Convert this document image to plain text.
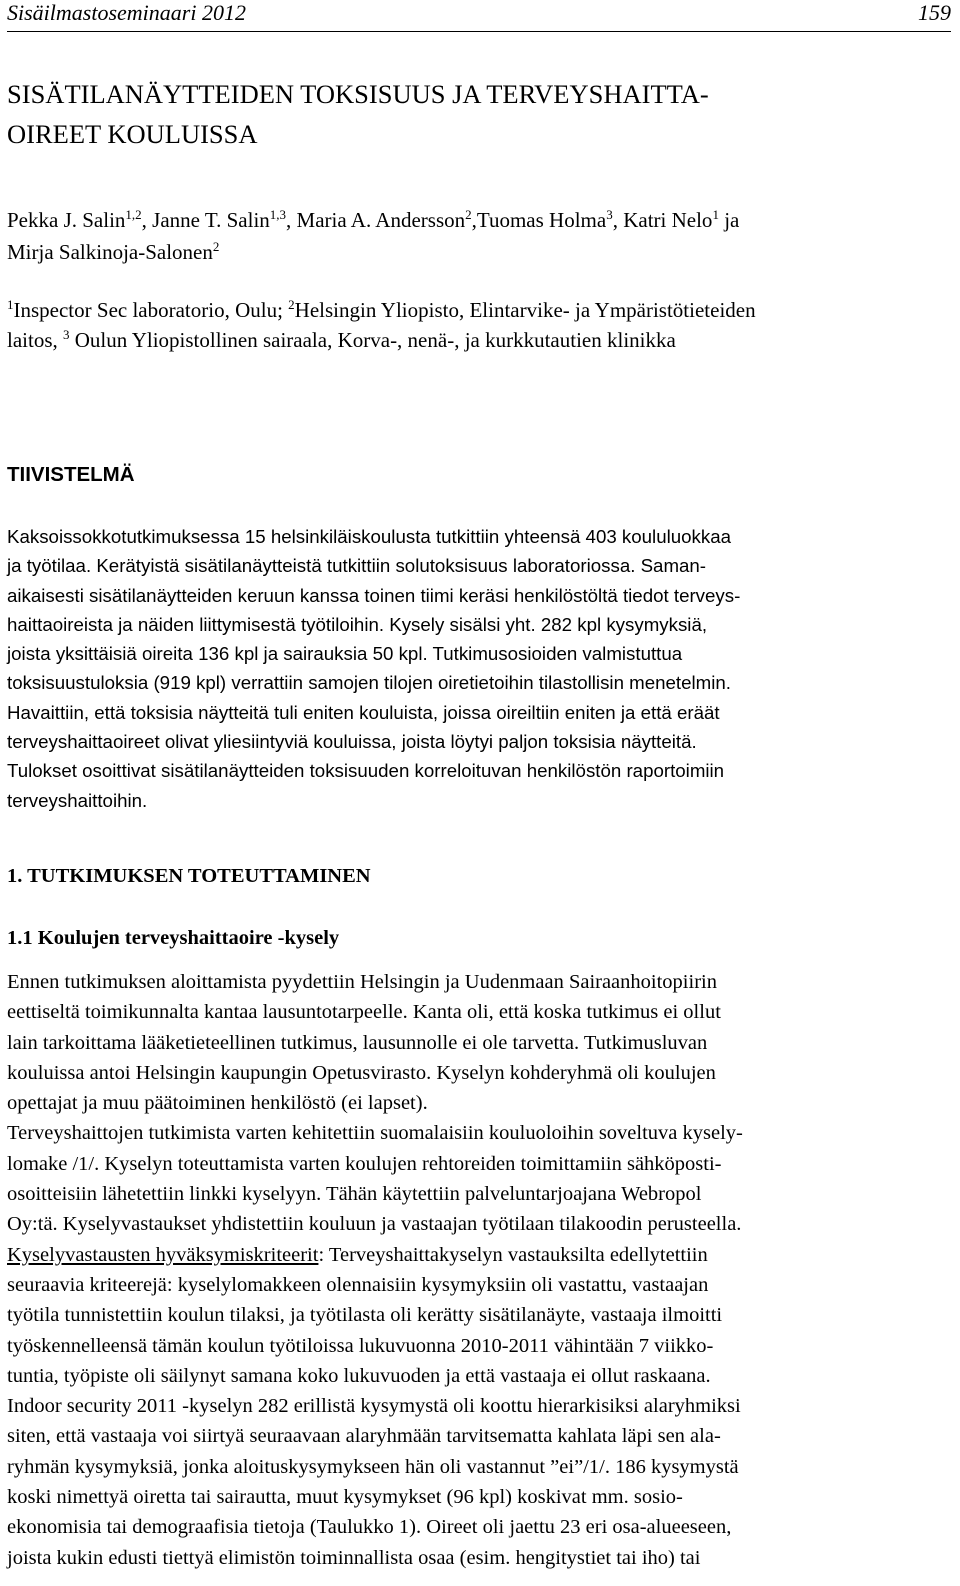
Sisäilmastoseminaari 2012	159
SISÄTILANÄYTTEIDEN TOKSISUUS JA TERVEYSHAITTA-
OIREET KOULUISSA
Pekka J. Salin$^{1,2}$, Janne T. Salin$^{1,3}$, Maria A. Andersson$^2$,Tuomas Holma$^3$, Katri Nelo$^1$ ja
Mirja Salkinoja-Salonen$^2$
$^1$Inspector Sec laboratorio, Oulu; $^2$Helsingin Yliopisto, Elintarvike- ja Ympäristötieteiden
laitos, $^3$ Oulun Yliopistollinen sairaala, Korva-, nenä-, ja kurkkutautien klinikka
TIIVISTELMÄ
Kaksoissokkotutkimuksessa 15 helsinkiläiskoulusta tutkittiin yhteensä 403 koululuokkaa
ja työtilaa. Kerätyistä sisätilanäytteistä tutkittiin solutoksisuus laboratoriossa. Saman-
aikaisesti sisätilanäytteiden keruun kanssa toinen tiimi keräsi henkilöstöltä tiedot terveys-
haittaoireista ja näiden liittymisestä työtiloihin. Kysely sisälsi yht. 282 kpl kysymyksiä,
joista yksittäisiä oireita 136 kpl ja sairauksia 50 kpl. Tutkimusosioiden valmistuttua
toksisuustuloksia (919 kpl) verrattiin samojen tilojen oiretietoihin tilastollisin menetelmin.
Havaittiin, että toksisia näytteitä tuli eniten kouluista, joissa oireiltiin eniten ja että eräät
terveyshaittaoireet olivat yliesiintyviä kouluissa, joista löytyi paljon toksisia näytteitä.
Tulokset osoittivat sisätilanäytteiden toksisuuden korreloituvan henkilöstön raportoimiin
terveyshaittoihin.
1. TUTKIMUKSEN TOTEUTTAMINEN
1.1 Koulujen terveyshaittaoire -kysely
Ennen tutkimuksen aloittamista pyydettiin Helsingin ja Uudenmaan Sairaanhoitopiirin
eettiseltä toimikunnalta kantaa lausuntotarpeelle. Kanta oli, että koska tutkimus ei ollut
lain tarkoittama lääketieteellinen tutkimus, lausunnolle ei ole tarvetta. Tutkimusluvan
kouluissa antoi Helsingin kaupungin Opetusvirasto. Kyselyn kohderyhmä oli koulujen
opettajat ja muu päätoiminen henkilöstö (ei lapset).
Terveyshaittojen tutkimista varten kehitettiin suomalaisiin kouluoloihin soveltuva kysely-
lomake /1/. Kyselyn toteuttamista varten koulujen rehtoreiden toimittamiin sähköposti-
osoitteisiin lähetettiin linkki kyselyyn. Tähän käytettiin palveluntarjoajana Webropol
Oy:tä. Kyselyvastaukset yhdistettiin kouluun ja vastaajan työtilaan tilakoodin perusteella.
Kyselyvastausten hyväksymiskriteerit: Terveyshaittakyselyn vastauksilta edellytettiin
seuraavia kriteerejä: kyselylomakkeen olennaisiin kysymyksiin oli vastattu, vastaajan
työtila tunnistettiin koulun tilaksi, ja työtilasta oli kerätty sisätilanäyte, vastaaja ilmoitti
työskennelleensä tämän koulun työtiloissa lukuvuonna 2010-2011 vähintään 7 viikko-
tuntia, työpiste oli säilynyt samana koko lukuvuoden ja että vastaaja ei ollut raskaana.
Indoor security 2011 -kyselyn 282 erillistä kysymystä oli koottu hierarkisiksi alaryhmiksi
siten, että vastaaja voi siirtyä seuraavaan alaryhmään tarvitsematta kahlata läpi sen ala-
ryhmän kysymyksiä, jonka aloituskysymykseen hän oli vastannut ”ei”/1/. 186 kysymystä
koski nimettyä oiretta tai sairautta, muut kysymykset (96 kpl) koskivat mm. sosio-
ekonomisia tai demograafisia tietoja (Taulukko 1). Oireet oli jaettu 23 eri osa-alueeseen,
joista kukin edusti tiettyä elimistön toiminnallista osaa (esim. hengitystiet tai iho) tai
